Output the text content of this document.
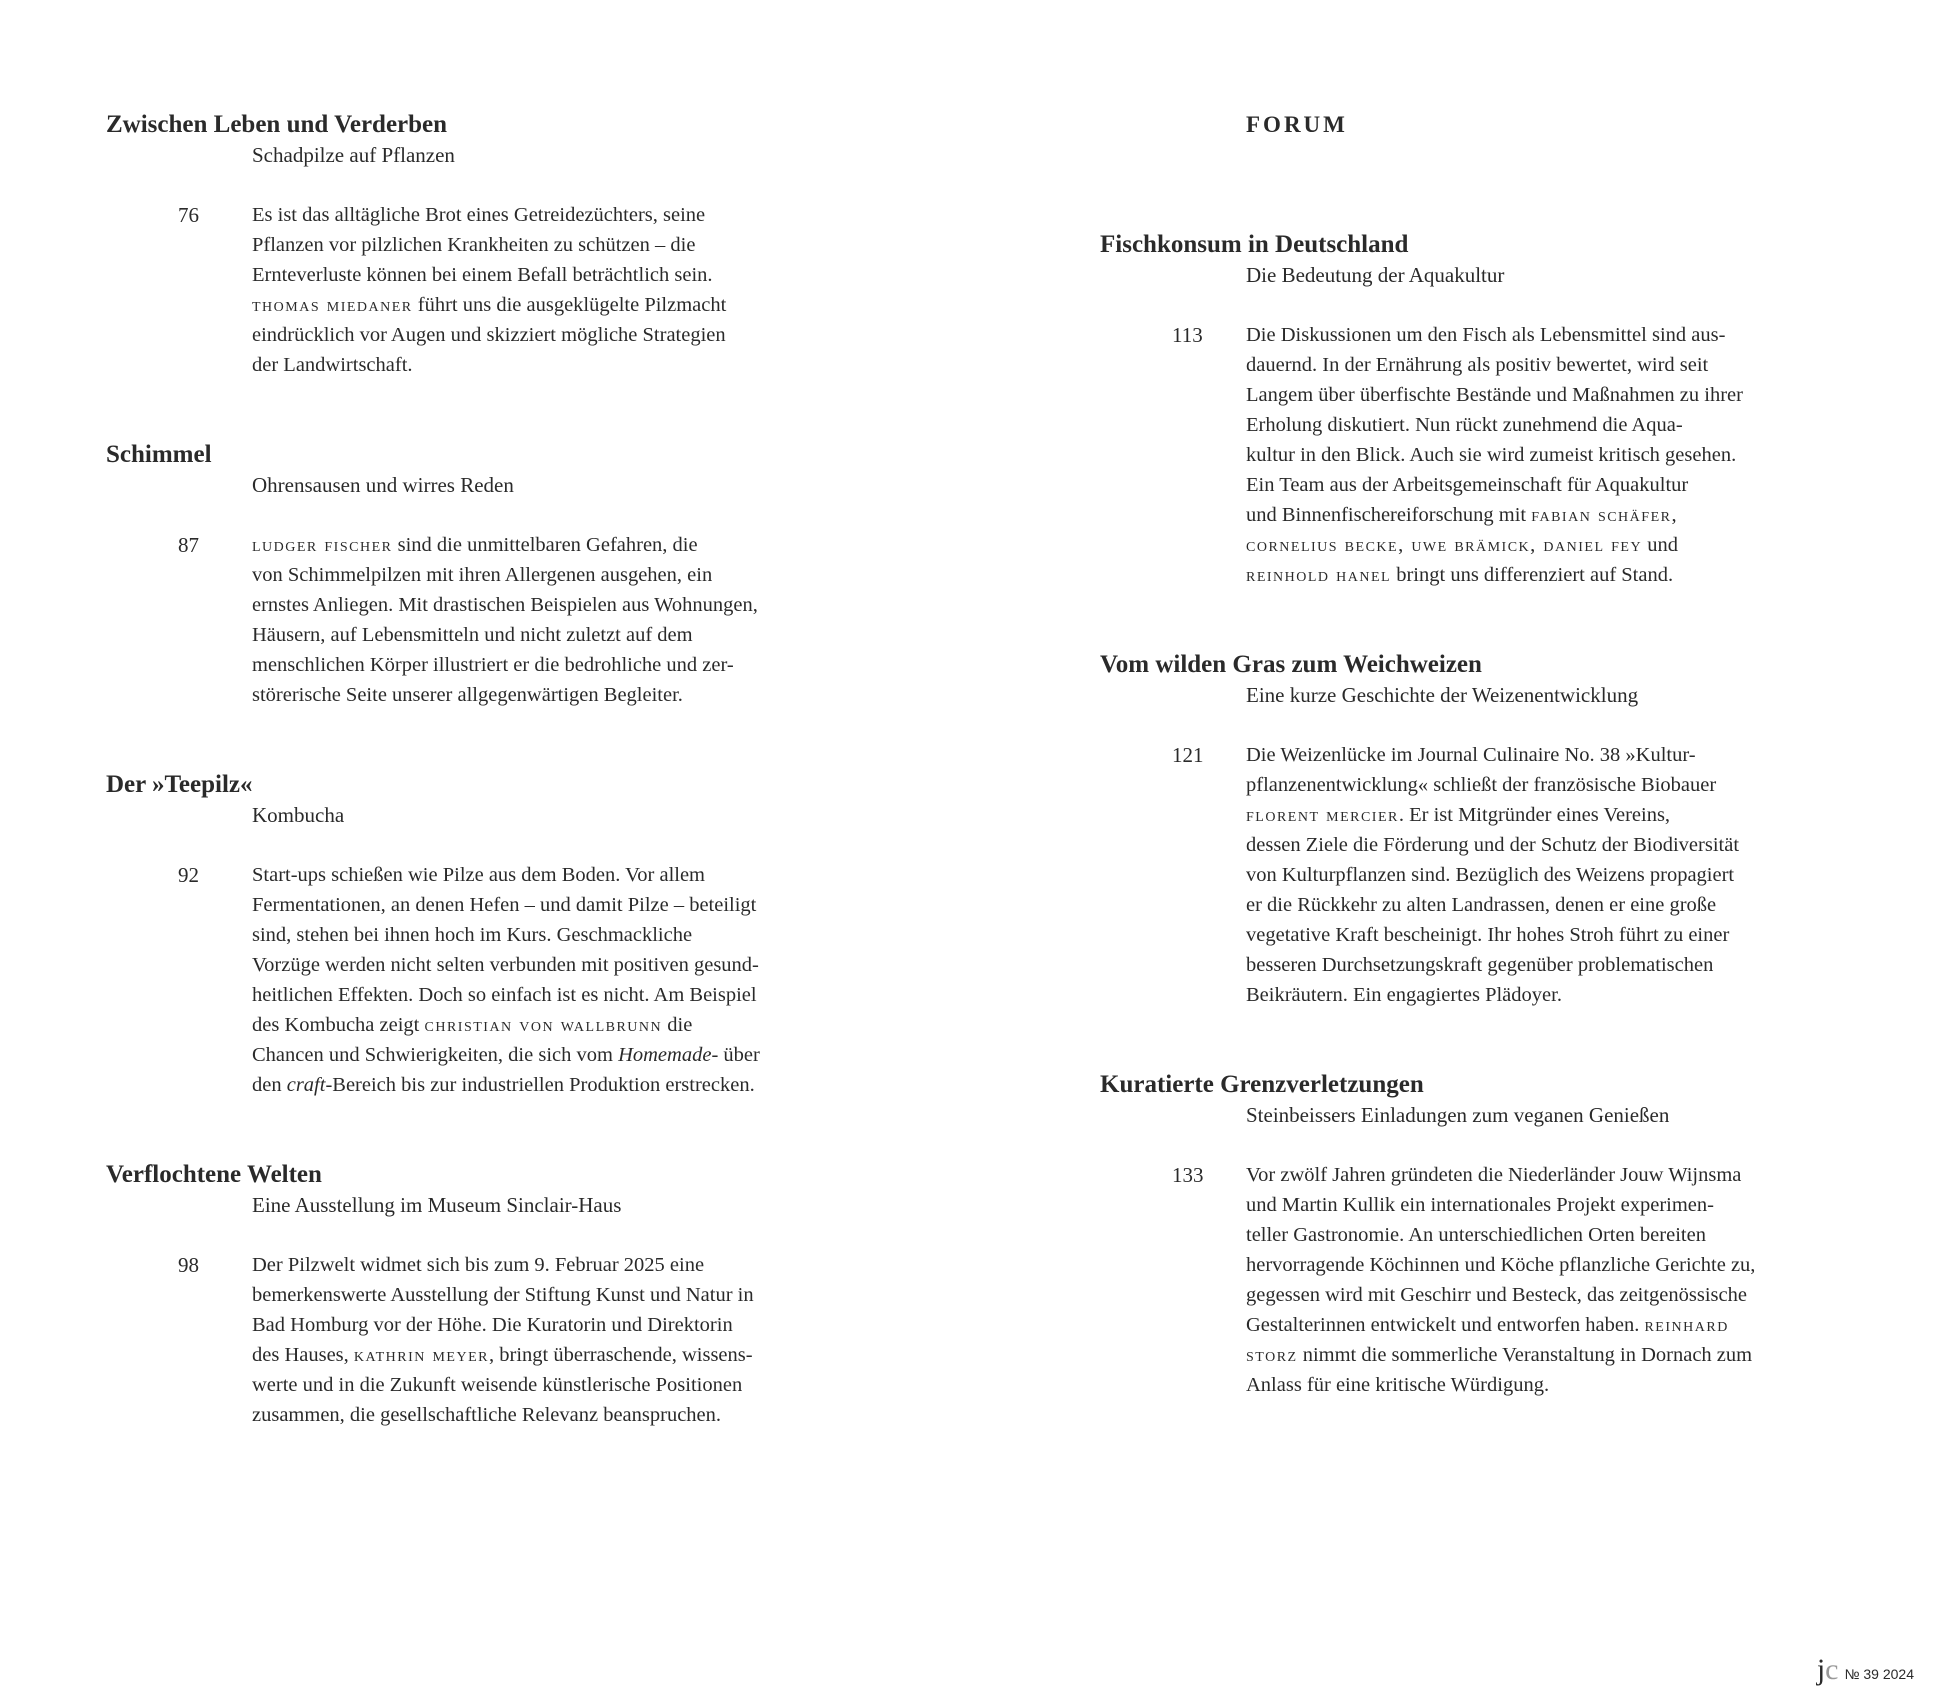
Zwischen Leben und Verderben

Schadpilze auf Pflanzen

76	Es ist das alltägliche Brot eines Getreidezüchters, seine
Pflanzen vor pilzlichen Krankheiten zu schützen – die
Ernteverluste können bei einem Befall beträchtlich sein.
thomas miedaner führt uns die ausgeklügelte Pilzmacht
eindrücklich vor Augen und skizziert mögliche Strategien
der Landwirtschaft.

Schimmel

Ohrensausen und wirres Reden

87	ludger fischer sind die unmittelbaren Gefahren, die
von Schimmelpilzen mit ihren Allergenen ausgehen, ein
ernstes Anliegen. Mit drastischen Beispielen aus Wohnungen,
Häusern, auf Lebensmitteln und nicht zuletzt auf dem
menschlichen Körper illustriert er die bedrohliche und zer-
störerische Seite unserer allgegenwärtigen Begleiter.

Der »Teepilz«

Kombucha

92	Start-ups schießen wie Pilze aus dem Boden. Vor allem
Fermentationen, an denen Hefen – und damit Pilze – beteiligt
sind, stehen bei ihnen hoch im Kurs. Geschmackliche
Vorzüge werden nicht selten verbunden mit positiven gesund-
heitlichen Effekten. Doch so einfach ist es nicht. Am Beispiel
des Kombucha zeigt christian von wallbrunn die
Chancen und Schwierigkeiten, die sich vom Homemade- über
den craft-Bereich bis zur industriellen Produktion erstrecken.

Verflochtene Welten

Eine Ausstellung im Museum Sinclair-Haus

98	Der Pilzwelt widmet sich bis zum 9. Februar 2025 eine
bemerkenswerte Ausstellung der Stiftung Kunst und Natur in
Bad Homburg vor der Höhe. Die Kuratorin und Direktorin
des Hauses, kathrin meyer, bringt überraschende, wissens-
werte und in die Zukunft weisende künstlerische Positionen
zusammen, die gesellschaftliche Relevanz beanspruchen.

FORUM
Fischkonsum in Deutschland

Die Bedeutung der Aquakultur

113 Die Diskussionen um den Fisch als Lebensmittel sind aus-
dauernd. In der Ernährung als positiv bewertet, wird seit
Langem über überfischte Bestände und Maßnahmen zu ihrer
Erholung diskutiert. Nun rückt zunehmend die Aqua-
kultur in den Blick. Auch sie wird zumeist kritisch gesehen.
Ein Team aus der Arbeitsgemeinschaft für Aquakultur
und Binnenfischereiforschung mit fabian schäfer,
cornelius becke, uwe brämick, daniel fey und
reinhold hanel bringt uns differenziert auf Stand.

Vom wilden Gras zum Weichweizen

Eine kurze Geschichte der Weizenentwicklung

121 Die Weizenlücke im Journal Culinaire No. 38 »Kultur-
pflanzenentwicklung« schließt der französische Biobauer
florent mercier. Er ist Mitgründer eines Vereins,
dessen Ziele die Förderung und der Schutz der Biodiversität
von Kulturpflanzen sind. Bezüglich des Weizens propagiert
er die Rückkehr zu alten Landrassen, denen er eine große
vegetative Kraft bescheinigt. Ihr hohes Stroh führt zu einer
besseren Durchsetzungskraft gegenüber problematischen
Beikräutern. Ein engagiertes Plädoyer.

Kuratierte Grenzverletzungen

Steinbeissers Einladungen zum veganen Genießen

133 Vor zwölf Jahren gründeten die Niederländer Jouw Wijnsma
und Martin Kullik ein internationales Projekt experimen-
teller Gastronomie. An unterschiedlichen Orten bereiten
hervorragende Köchinnen und Köche pflanzliche Gerichte zu,
gegessen wird mit Geschirr und Besteck, das zeitgenössische
Gestalterinnen entwickelt und entworfen haben. reinhard
storz nimmt die sommerliche Veranstaltung in Dornach zum
Anlass für eine kritische Würdigung.

jc № 39 2024
